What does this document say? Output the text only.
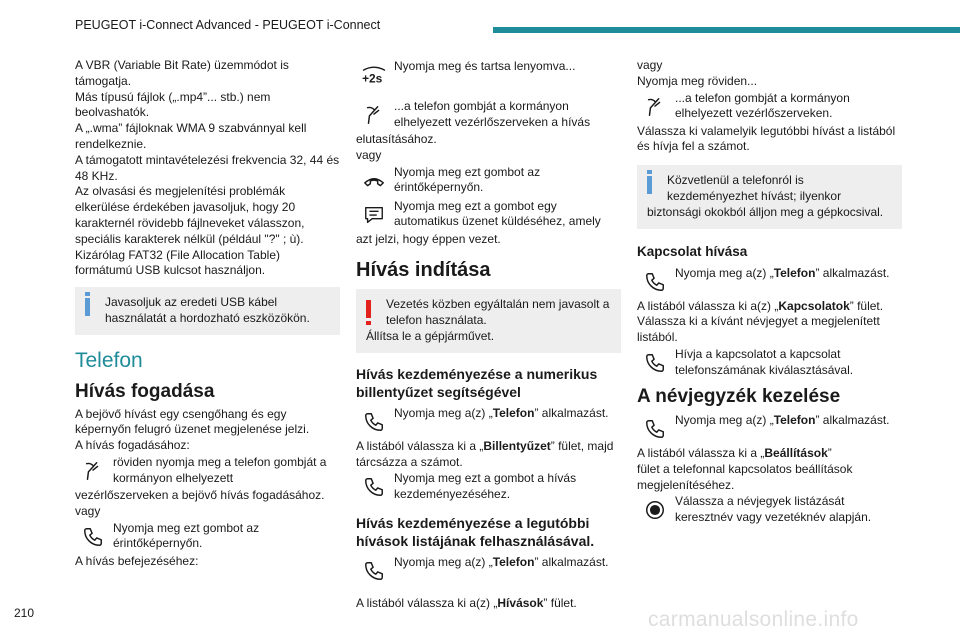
PEUGEOT i-Connect Advanced - PEUGEOT i-Connect

A VBR (Variable Bit Rate) üzemmódot is támogatja.

Más típusú fájlok („.mp4”... stb.) nem beolvashatók.

A „.wma” fájloknak WMA 9 szabvánnyal kell rendelkeznie.

A támogatott mintavételezési frekvencia 32, 44 és 48 KHz.

Az olvasási és megjelenítési problémák elkerülése érdekében javasoljuk, hogy 20 karakternél rövidebb fájlneveket válasszon, speciális karakterek nélkül (például "?" ; ù).

Kizárólag FAT32 (File Allocation Table) formátumú USB kulcsot használjon.

Javasoljuk az eredeti USB kábel használatát a hordozható eszközökön.

Telefon
Hívás fogadása

A bejövő hívást egy csengőhang és egy képernyőn felugró üzenet megjelenése jelzi.

A hívás fogadásához:

röviden nyomja meg a telefon gombját a kormányon elhelyezett

vezérlőszerveken a bejövő hívás fogadásához.

vagy

Nyomja meg ezt gombot az érintőképernyőn.

A hívás befejezéséhez:

+2s
Nyomja meg és tartsa lenyomva...
...a telefon gombját a kormányon elhelyezett vezérlőszerveken a hívás

elutasításához.

vagy

Nyomja meg ezt gombot az érintőképernyőn.
Nyomja meg ezt a gombot egy automatikus üzenet küldéséhez, amely

azt jelzi, hogy éppen vezet.

Hívás indítása

Vezetés közben egyáltalán nem javasolt a telefon használata.

Állítsa le a gépjárművet.

Hívás kezdeményezése a numerikus billentyűzet segítségével
Nyomja meg a(z) „Telefon” alkalmazást.

A listából válassza ki a „Billentyűzet” fület, majd tárcsázza a számot.

Nyomja meg ezt a gombot a hívás kezdeményezéséhez.
Hívás kezdeményezése a legutóbbi hívások listájának felhasználásával.
Nyomja meg a(z) „Telefon” alkalmazást.

A listából válassza ki a(z) „Hívások” fület.

vagy

Nyomja meg röviden...

...a telefon gombját a kormányon elhelyezett vezérlőszerveken.

Válassza ki valamelyik legutóbbi hívást a listából és hívja fel a számot.

Közvetlenül a telefonról is kezdeményezhet hívást; ilyenkor

biztonsági okokból álljon meg a gépkocsival.

Kapcsolat hívása
Nyomja meg a(z) „Telefon” alkalmazást.

A listából válassza ki a(z) „Kapcsolatok” fület.

Válassza ki a kívánt névjegyet a megjelenített listából.

Hívja a kapcsolatot a kapcsolat telefonszámának kiválasztásával.
A névjegyzék kezelése
Nyomja meg a(z) „Telefon” alkalmazást.

A listából válassza ki a „Beállítások”

fület a telefonnal kapcsolatos beállítások megjelenítéséhez.

Válassza a névjegyek listázását keresztnév vagy vezetéknév alapján.
210	carmanualsonline.info
